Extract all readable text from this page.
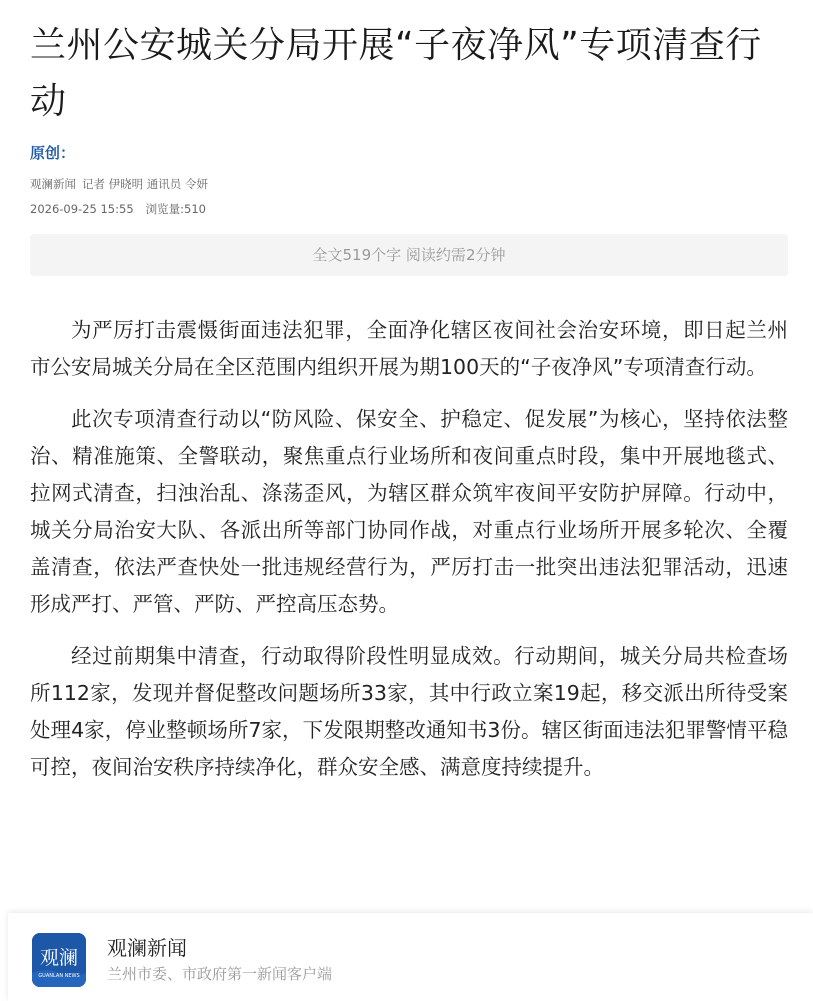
兰州公安城关分局开展“子夜净风”专项清查行动
原创：
观澜新闻 记者 伊晓明 通讯员 令妍
2026-09-25 15:55 浏览量:510
全文519个字 阅读约需2分钟

为严厉打击震慑街面违法犯罪，全面净化辖区夜间社会治安环境，即日起兰州市公安局城关分局在全区范围内组织开展为期100天的“子夜净风”专项清查行动。

此次专项清查行动以“防风险、保安全、护稳定、促发展”为核心，坚持依法整治、精准施策、全警联动，聚焦重点行业场所和夜间重点时段，集中开展地毯式、拉网式清查，扫浊治乱、涤荡歪风，为辖区群众筑牢夜间平安防护屏障。行动中，城关分局治安大队、各派出所等部门协同作战，对重点行业场所开展多轮次、全覆盖清查，依法严查快处一批违规经营行为，严厉打击一批突出违法犯罪活动，迅速形成严打、严管、严防、严控高压态势。

经过前期集中清查，行动取得阶段性明显成效。行动期间，城关分局共检查场所112家，发现并督促整改问题场所33家，其中行政立案19起，移交派出所待受案处理4家，停业整顿场所7家，下发限期整改通知书3份。辖区街面违法犯罪警情平稳可控，夜间治安秩序持续净化，群众安全感、满意度持续提升。

观澜
GUANLAN NEWS
观澜新闻
兰州市委、市政府第一新闻客户端
